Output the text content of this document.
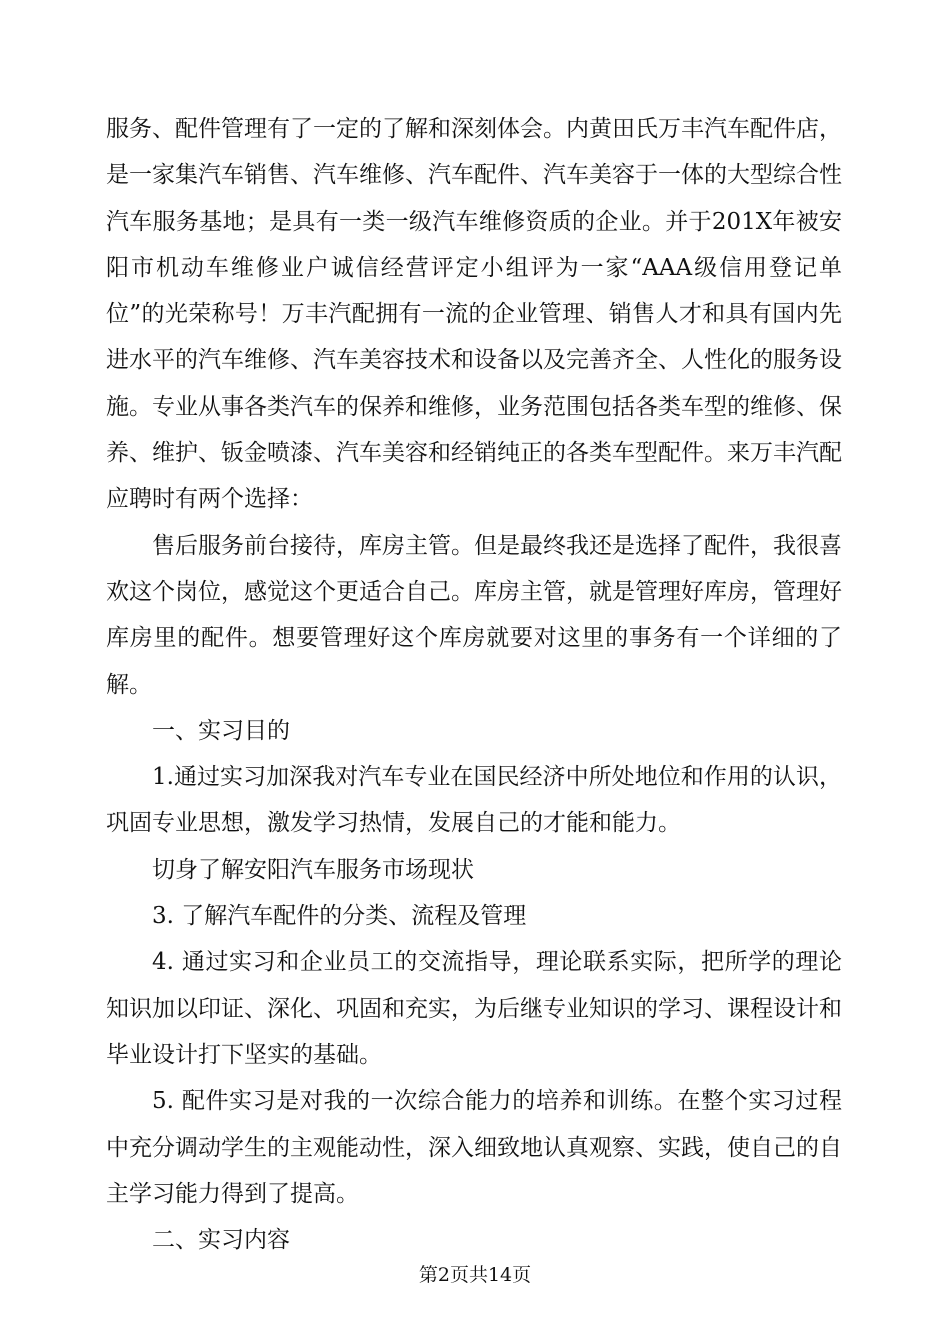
服务、配件管理有了一定的了解和深刻体会。内黄田氏万丰汽车配件店，是一家集汽车销售、汽车维修、汽车配件、汽车美容于一体的大型综合性汽车服务基地；是具有一类一级汽车维修资质的企业。并于201X年被安阳市机动车维修业户诚信经营评定小组评为一家“AAA级信用登记单位”的光荣称号！万丰汽配拥有一流的企业管理、销售人才和具有国内先进水平的汽车维修、汽车美容技术和设备以及完善齐全、人性化的服务设施。专业从事各类汽车的保养和维修，业务范围包括各类车型的维修、保养、维护、钣金喷漆、汽车美容和经销纯正的各类车型配件。来万丰汽配应聘时有两个选择：

售后服务前台接待，库房主管。但是最终我还是选择了配件，我很喜欢这个岗位，感觉这个更适合自己。库房主管，就是管理好库房，管理好库房里的配件。想要管理好这个库房就要对这里的事务有一个详细的了解。

一、实习目的

1.通过实习加深我对汽车专业在国民经济中所处地位和作用的认识，巩固专业思想，激发学习热情，发展自己的才能和能力。

切身了解安阳汽车服务市场现状

3. 了解汽车配件的分类、流程及管理

4. 通过实习和企业员工的交流指导，理论联系实际，把所学的理论知识加以印证、深化、巩固和充实，为后继专业知识的学习、课程设计和毕业设计打下坚实的基础。

5. 配件实习是对我的一次综合能力的培养和训练。在整个实习过程中充分调动学生的主观能动性，深入细致地认真观察、实践，使自己的自主学习能力得到了提高。

二、实习内容

第2页共14页
